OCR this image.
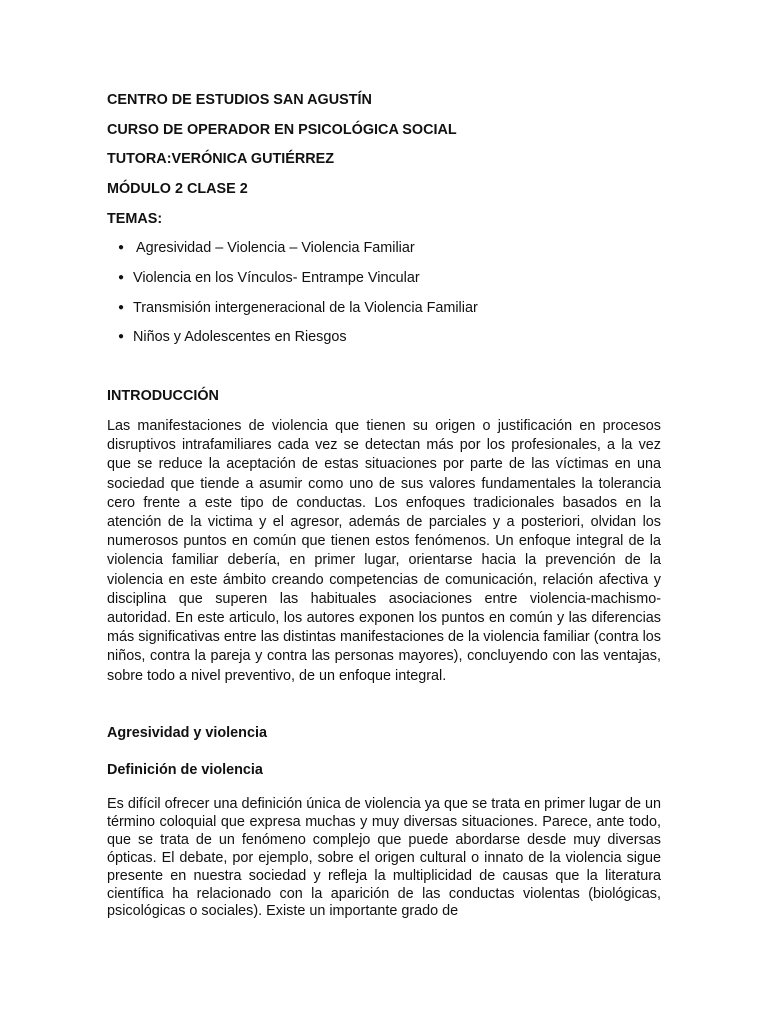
CENTRO DE ESTUDIOS SAN AGUSTÍN
CURSO DE OPERADOR EN PSICOLÓGICA SOCIAL
TUTORA:VERÓNICA GUTIÉRREZ
MÓDULO 2 CLASE 2
TEMAS:
● Agresividad – Violencia – Violencia Familiar
● Violencia en los Vínculos- Entrampe Vincular
● Transmisión intergeneracional de la Violencia Familiar
● Niños y Adolescentes en Riesgos
INTRODUCCIÓN

Las manifestaciones de violencia que tienen su origen o justificación en procesos disruptivos intrafamiliares cada vez se detectan más por los profesionales, a la vez que se reduce la aceptación de estas situaciones por parte de las víctimas en una sociedad que tiende a asumir como uno de sus valores fundamentales la tolerancia cero frente a este tipo de conductas. Los enfoques tradicionales basados en la atención de la victima y el agresor, además de parciales y a posteriori, olvidan los numerosos puntos en común que tienen estos fenómenos. Un enfoque integral de la violencia familiar debería, en primer lugar, orientarse hacia la prevención de la violencia en este ámbito creando competencias de comunicación, relación afectiva y disciplina que superen las habituales asociaciones entre violencia-machismo-autoridad. En este articulo, los autores exponen los puntos en común y las diferencias más significativas entre las distintas manifestaciones de la violencia familiar (contra los niños, contra la pareja y contra las personas mayores), concluyendo con las ventajas, sobre todo a nivel preventivo, de un enfoque integral.

Agresividad y violencia
Definición de violencia

Es difícil ofrecer una definición única de violencia ya que se trata en primer lugar de un término coloquial que expresa muchas y muy diversas situaciones. Parece, ante todo, que se trata de un fenómeno complejo que puede abordarse desde muy diversas ópticas. El debate, por ejemplo, sobre el origen cultural o innato de la violencia sigue presente en nuestra sociedad y refleja la multiplicidad de causas que la literatura científica ha relacionado con la aparición de las conductas violentas (biológicas, psicológicas o sociales). Existe un importante grado de
